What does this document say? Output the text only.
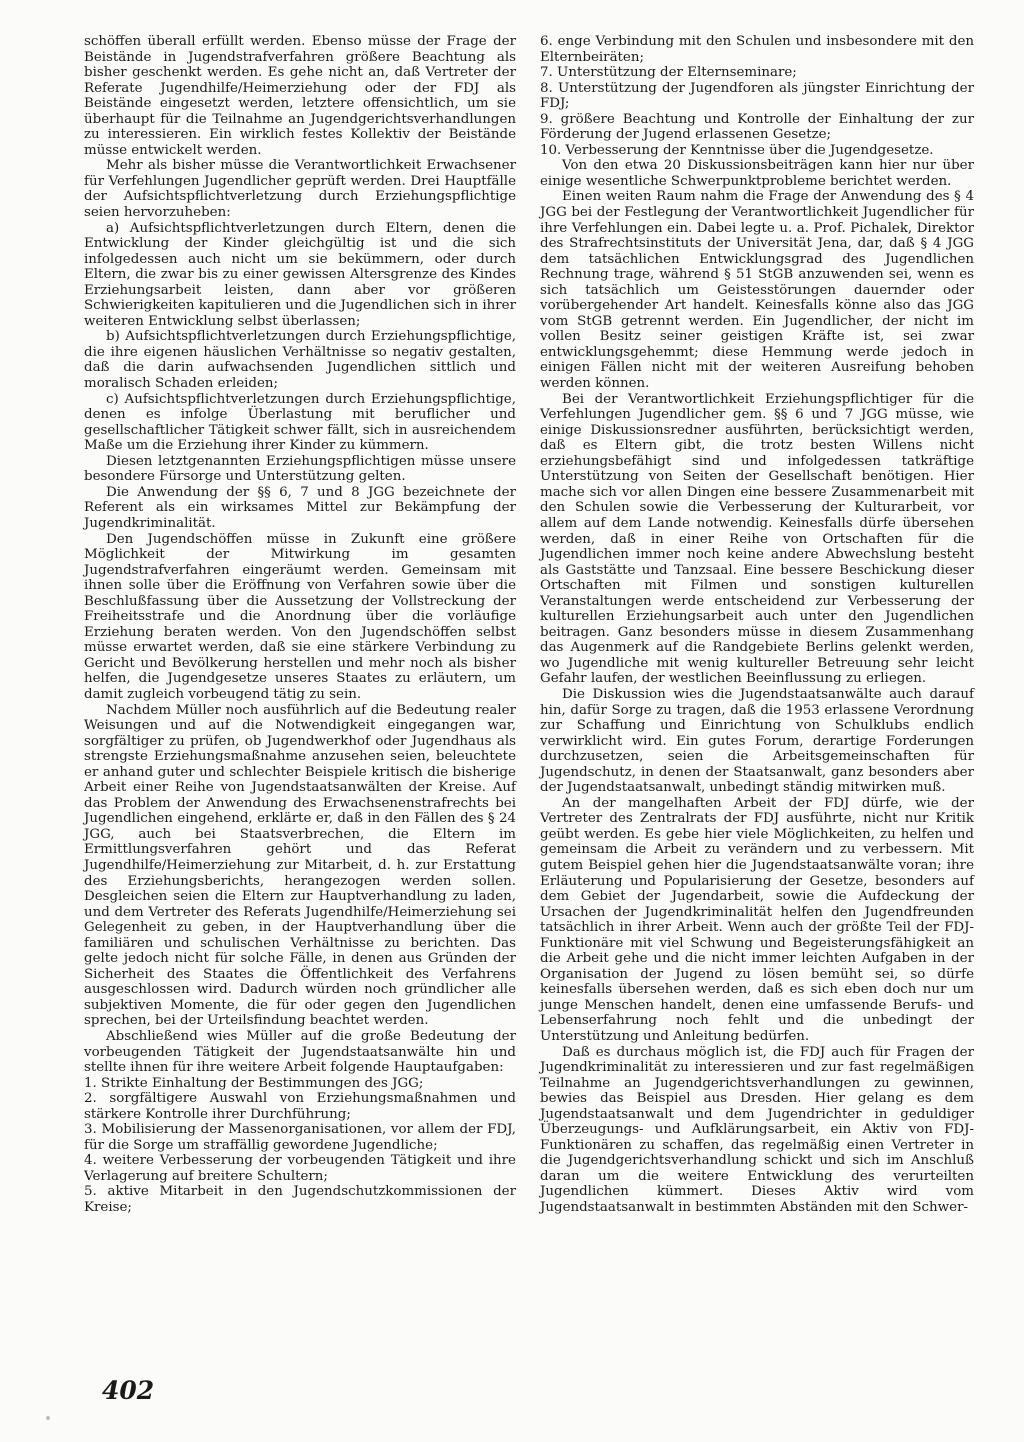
schöffen überall erfüllt werden. Ebenso müsse der Frage der Beistände in Jugendstrafverfahren größere Beachtung als bisher geschenkt werden. Es gehe nicht an, daß Vertreter der Referate Jugendhilfe/Heimerziehung oder der FDJ als Beistände eingesetzt werden, letztere offensichtlich, um sie überhaupt für die Teilnahme an Jugendgerichtsverhandlungen zu interessieren. Ein wirklich festes Kollektiv der Beistände müsse entwickelt werden.

Mehr als bisher müsse die Verantwortlichkeit Erwachsener für Verfehlungen Jugendlicher geprüft werden. Drei Hauptfälle der Aufsichtspflichtverletzung durch Erziehungspflichtige seien hervorzuheben:

a) Aufsichtspflichtverletzungen durch Eltern, denen die Entwicklung der Kinder gleichgültig ist und die sich infolgedessen auch nicht um sie bekümmern, oder durch Eltern, die zwar bis zu einer gewissen Altersgrenze des Kindes Erziehungsarbeit leisten, dann aber vor größeren Schwierigkeiten kapitulieren und die Jugendlichen sich in ihrer weiteren Entwicklung selbst überlassen;

b) Aufsichtspflichtverletzungen durch Erziehungspflichtige, die ihre eigenen häuslichen Verhältnisse so negativ gestalten, daß die darin aufwachsenden Jugendlichen sittlich und moralisch Schaden erleiden;

c) Aufsichtspflichtverletzungen durch Erziehungspflichtige, denen es infolge Überlastung mit beruflicher und gesellschaftlicher Tätigkeit schwer fällt, sich in ausreichendem Maße um die Erziehung ihrer Kinder zu kümmern.

Diesen letztgenannten Erziehungspflichtigen müsse unsere besondere Fürsorge und Unterstützung gelten.

Die Anwendung der §§ 6, 7 und 8 JGG bezeichnete der Referent als ein wirksames Mittel zur Bekämpfung der Jugendkriminalität.

Den Jugendschöffen müsse in Zukunft eine größere Möglichkeit der Mitwirkung im gesamten Jugendstrafverfahren eingeräumt werden. Gemeinsam mit ihnen solle über die Eröffnung von Verfahren sowie über die Beschlußfassung über die Aussetzung der Vollstreckung der Freiheitsstrafe und die Anordnung über die vorläufige Erziehung beraten werden. Von den Jugendschöffen selbst müsse erwartet werden, daß sie eine stärkere Verbindung zu Gericht und Bevölkerung herstellen und mehr noch als bisher helfen, die Jugendgesetze unseres Staates zu erläutern, um damit zugleich vorbeugend tätig zu sein.

Nachdem Müller noch ausführlich auf die Bedeutung realer Weisungen und auf die Notwendigkeit eingegangen war, sorgfältiger zu prüfen, ob Jugendwerkhof oder Jugendhaus als strengste Erziehungsmaßnahme anzusehen seien, beleuchtete er anhand guter und schlechter Beispiele kritisch die bisherige Arbeit einer Reihe von Jugendstaatsanwälten der Kreise. Auf das Problem der Anwendung des Erwachsenenstrafrechts bei Jugendlichen eingehend, erklärte er, daß in den Fällen des § 24 JGG, auch bei Staatsverbrechen, die Eltern im Ermittlungsverfahren gehört und das Referat Jugendhilfe/Heimerziehung zur Mitarbeit, d. h. zur Erstattung des Erziehungsberichts, herangezogen werden sollen. Desgleichen seien die Eltern zur Hauptverhandlung zu laden, und dem Vertreter des Referats Jugendhilfe/Heimerziehung sei Gelegenheit zu geben, in der Hauptverhandlung über die familiären und schulischen Verhältnisse zu berichten. Das gelte jedoch nicht für solche Fälle, in denen aus Gründen der Sicherheit des Staates die Öffentlichkeit des Verfahrens ausgeschlossen wird. Dadurch würden noch gründlicher alle subjektiven Momente, die für oder gegen den Jugendlichen sprechen, bei der Urteilsfindung beachtet werden.

Abschließend wies Müller auf die große Bedeutung der vorbeugenden Tätigkeit der Jugendstaatsanwälte hin und stellte ihnen für ihre weitere Arbeit folgende Hauptaufgaben:

1. Strikte Einhaltung der Bestimmungen des JGG;

2. sorgfältigere Auswahl von Erziehungsmaßnahmen und stärkere Kontrolle ihrer Durchführung;

3. Mobilisierung der Massenorganisationen, vor allem der FDJ, für die Sorge um straffällig gewordene Jugendliche;

4. weitere Verbesserung der vorbeugenden Tätigkeit und ihre Verlagerung auf breitere Schultern;

5. aktive Mitarbeit in den Jugendschutzkommissionen der Kreise;

6. enge Verbindung mit den Schulen und insbesondere mit den Elternbeiräten;

7. Unterstützung der Elternseminare;

8. Unterstützung der Jugendforen als jüngster Einrichtung der FDJ;

9. größere Beachtung und Kontrolle der Einhaltung der zur Förderung der Jugend erlassenen Gesetze;

10. Verbesserung der Kenntnisse über die Jugendgesetze.

Von den etwa 20 Diskussionsbeiträgen kann hier nur über einige wesentliche Schwerpunktprobleme berichtet werden.

Einen weiten Raum nahm die Frage der Anwendung des § 4 JGG bei der Festlegung der Verantwortlichkeit Jugendlicher für ihre Verfehlungen ein. Dabei legte u. a. Prof. Pichalek, Direktor des Strafrechtsinstituts der Universität Jena, dar, daß § 4 JGG dem tatsächlichen Entwicklungsgrad des Jugendlichen Rechnung trage, während § 51 StGB anzuwenden sei, wenn es sich tatsächlich um Geistesstörungen dauernder oder vorübergehender Art handelt. Keinesfalls könne also das JGG vom StGB getrennt werden. Ein Jugendlicher, der nicht im vollen Besitz seiner geistigen Kräfte ist, sei zwar entwicklungsgehemmt; diese Hemmung werde jedoch in einigen Fällen nicht mit der weiteren Ausreifung behoben werden können.

Bei der Verantwortlichkeit Erziehungspflichtiger für die Verfehlungen Jugendlicher gem. §§ 6 und 7 JGG müsse, wie einige Diskussionsredner ausführten, berücksichtigt werden, daß es Eltern gibt, die trotz besten Willens nicht erziehungsbefähigt sind und infolgedessen tatkräftige Unterstützung von Seiten der Gesellschaft benötigen. Hier mache sich vor allen Dingen eine bessere Zusammenarbeit mit den Schulen sowie die Verbesserung der Kulturarbeit, vor allem auf dem Lande notwendig. Keinesfalls dürfe übersehen werden, daß in einer Reihe von Ortschaften für die Jugendlichen immer noch keine andere Abwechslung besteht als Gaststätte und Tanzsaal. Eine bessere Beschickung dieser Ortschaften mit Filmen und sonstigen kulturellen Veranstaltungen werde entscheidend zur Verbesserung der kulturellen Erziehungsarbeit auch unter den Jugendlichen beitragen. Ganz besonders müsse in diesem Zusammenhang das Augenmerk auf die Randgebiete Berlins gelenkt werden, wo Jugendliche mit wenig kultureller Betreuung sehr leicht Gefahr laufen, der westlichen Beeinflussung zu erliegen.

Die Diskussion wies die Jugendstaatsanwälte auch darauf hin, dafür Sorge zu tragen, daß die 1953 erlassene Verordnung zur Schaffung und Einrichtung von Schulklubs endlich verwirklicht wird. Ein gutes Forum, derartige Forderungen durchzusetzen, seien die Arbeitsgemeinschaften für Jugendschutz, in denen der Staatsanwalt, ganz besonders aber der Jugendstaatsanwalt, unbedingt ständig mitwirken muß.

An der mangelhaften Arbeit der FDJ dürfe, wie der Vertreter des Zentralrats der FDJ ausführte, nicht nur Kritik geübt werden. Es gebe hier viele Möglichkeiten, zu helfen und gemeinsam die Arbeit zu verändern und zu verbessern. Mit gutem Beispiel gehen hier die Jugendstaatsanwälte voran; ihre Erläuterung und Popularisierung der Gesetze, besonders auf dem Gebiet der Jugendarbeit, sowie die Aufdeckung der Ursachen der Jugendkriminalität helfen den Jugendfreunden tatsächlich in ihrer Arbeit. Wenn auch der größte Teil der FDJ-Funktionäre mit viel Schwung und Begeisterungsfähigkeit an die Arbeit gehe und die nicht immer leichten Aufgaben in der Organisation der Jugend zu lösen bemüht sei, so dürfe keinesfalls übersehen werden, daß es sich eben doch nur um junge Menschen handelt, denen eine umfassende Berufs- und Lebenserfahrung noch fehlt und die unbedingt der Unterstützung und Anleitung bedürfen.

Daß es durchaus möglich ist, die FDJ auch für Fragen der Jugendkriminalität zu interessieren und zur fast regelmäßigen Teilnahme an Jugendgerichtsverhandlungen zu gewinnen, bewies das Beispiel aus Dresden. Hier gelang es dem Jugendstaatsanwalt und dem Jugendrichter in geduldiger Überzeugungs- und Aufklärungsarbeit, ein Aktiv von FDJ-Funktionären zu schaffen, das regelmäßig einen Vertreter in die Jugendgerichtsverhandlung schickt und sich im Anschluß daran um die weitere Entwicklung des verurteilten Jugendlichen kümmert. Dieses Aktiv wird vom Jugendstaatsanwalt in bestimmten Abständen mit den Schwer-

402
